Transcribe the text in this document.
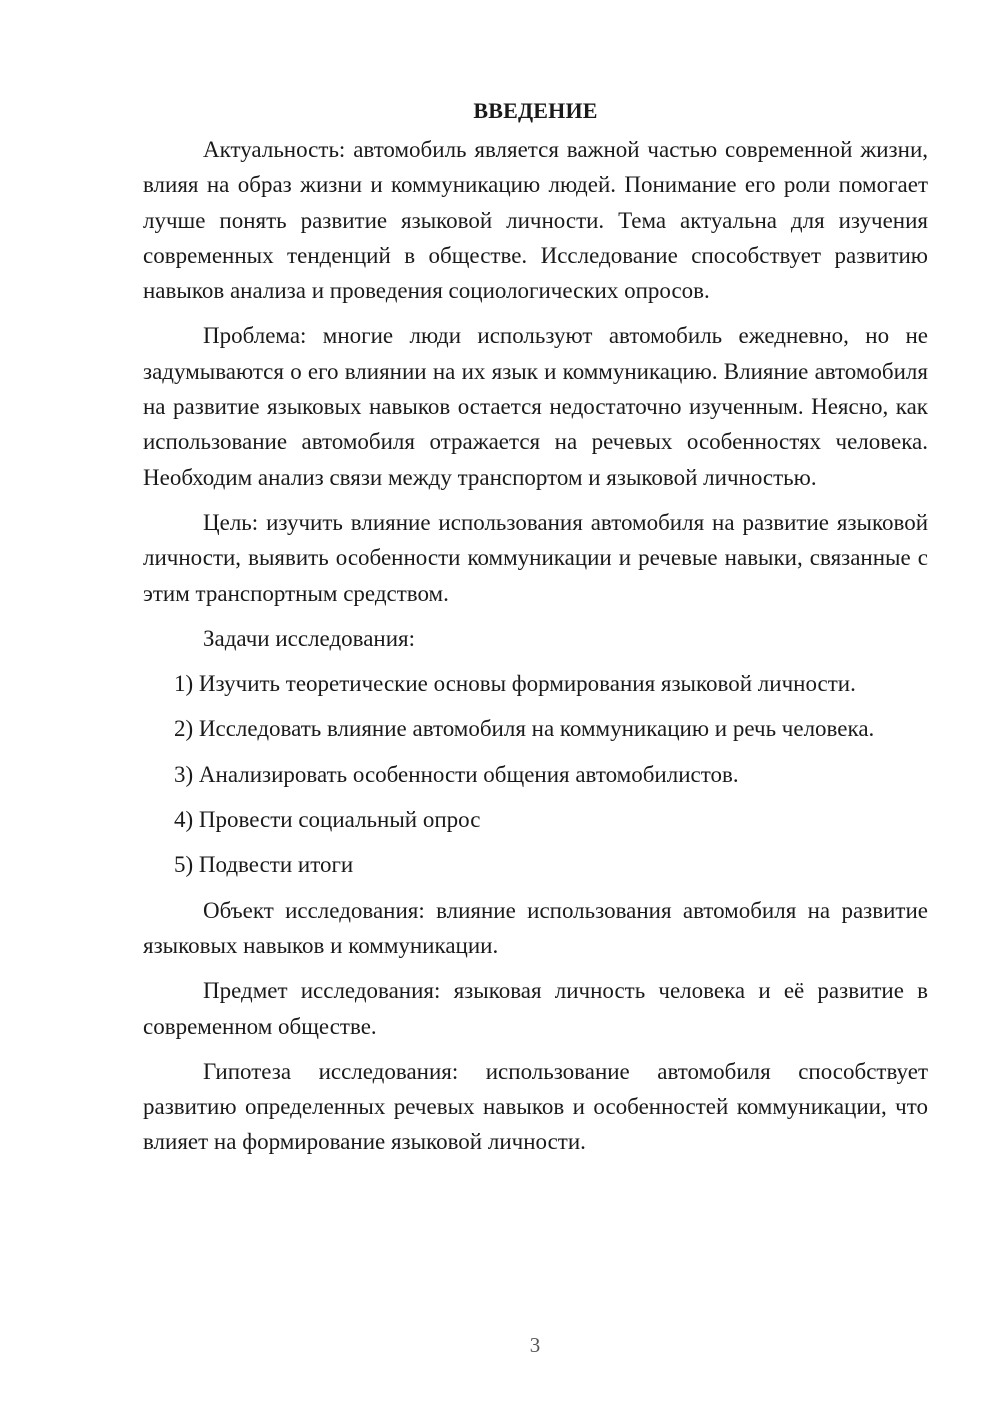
ВВЕДЕНИЕ

Актуальность: автомобиль является важной частью современной жизни, влияя на образ жизни и коммуникацию людей. Понимание его роли помогает лучше понять развитие языковой личности. Тема актуальна для изучения современных тенденций в обществе. Исследование способствует развитию навыков анализа и проведения социологических опросов.

Проблема: многие люди используют автомобиль ежедневно, но не задумываются о его влиянии на их язык и коммуникацию. Влияние автомобиля на развитие языковых навыков остается недостаточно изученным. Неясно, как использование автомобиля отражается на речевых особенностях человека. Необходим анализ связи между транспортом и языковой личностью.

Цель: изучить влияние использования автомобиля на развитие языковой личности, выявить особенности коммуникации и речевые навыки, связанные с этим транспортным средством.

Задачи исследования:

1) Изучить теоретические основы формирования языковой личности.

2) Исследовать влияние автомобиля на коммуникацию и речь человека.

3) Анализировать особенности общения автомобилистов.

4) Провести социальный опрос

5) Подвести итоги

Объект исследования: влияние использования автомобиля на развитие языковых навыков и коммуникации.

Предмет исследования: языковая личность человека и её развитие в современном обществе.

Гипотеза исследования: использование автомобиля способствует развитию определенных речевых навыков и особенностей коммуникации, что влияет на формирование языковой личности.

3
